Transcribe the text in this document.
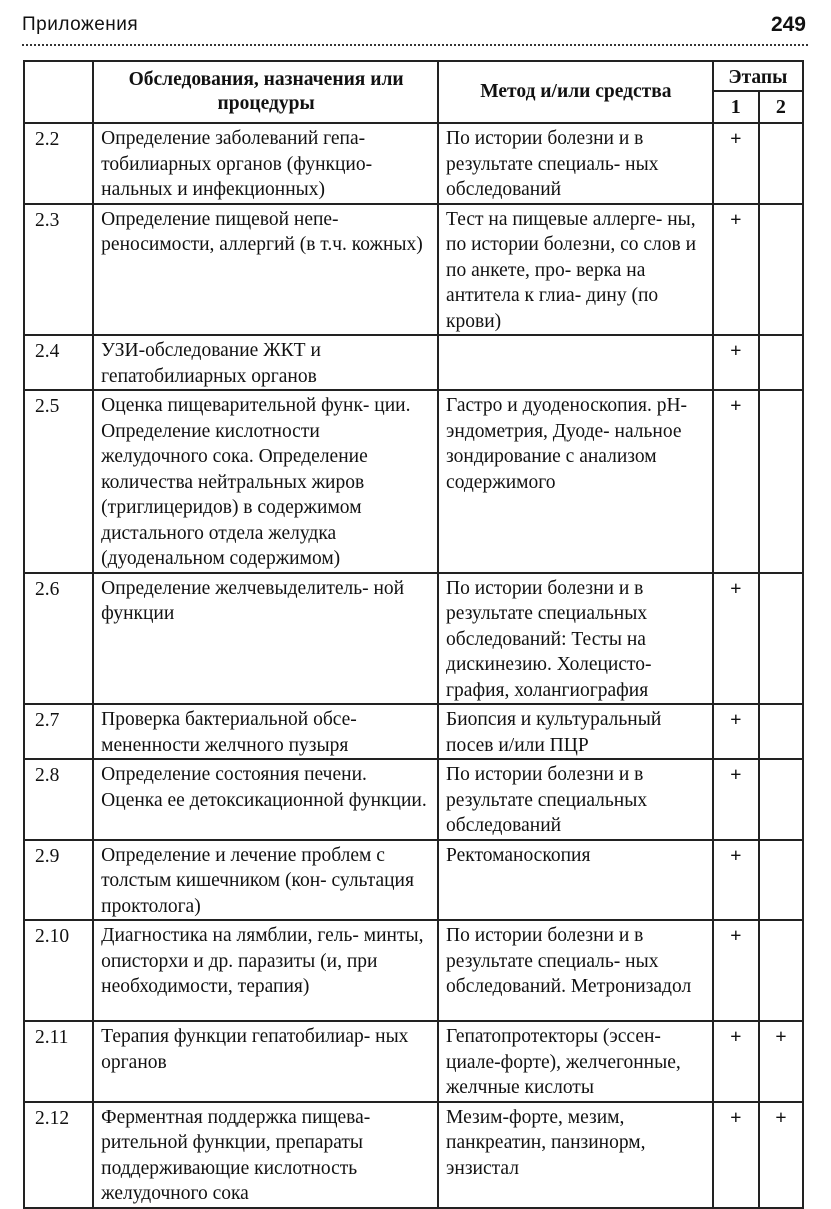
Приложения	249
	Обследования, назначения или процедуры	Метод и/или средства	Этапы	
			1	2
2.2	Определение заболеваний гепа- тобилиарных органов (функцио- нальных и инфекционных)	По истории болезни и в результате специаль- ных обследований	+	
2.3	Определение пищевой непе- реносимости, аллергий (в т.ч. кожных)	Тест на пищевые аллерге- ны, по истории болезни, со слов и по анкете, про- верка на антитела к глиа- дину (по крови)	+	
2.4	УЗИ-обследование ЖКТ и гепатобилиарных органов		+	
2.5	Оценка пищеварительной функ- ции. Определение кислотности желудочного сока. Определение количества нейтральных жиров (триглицеридов) в содержимом дистального отдела желудка (дуоденальном содержимом)	Гастро и дуоденоскопия. pH-эндометрия, Дуоде- нальное зондирование с анализом содержимого	+	
2.6	Определение желчевыделитель- ной функции	По истории болезни и в результате специальных обследований: Тесты на дискинезию. Холецисто- графия, холангиография	+	
2.7	Проверка бактериальной обсе- мененности желчного пузыря	Биопсия и культуральный посев и/или ПЦР	+	
2.8	Определение состояния печени. Оценка ее детоксикационной функции.	По истории болезни и в результате специальных обследований	+	
2.9	Определение и лечение проблем с толстым кишечником (кон- сультация проктолога)	Ректоманоскопия	+	
2.10	Диагностика на лямблии, гель- минты, описторхи и др. паразиты (и, при необходимости, терапия)	По истории болезни и в результате специаль- ных обследований. Метронизадол	+	
2.11	Терапия функции гепатобилиар- ных органов	Гепатопротекторы (эссен- циале-форте), желчегонные, желчные кислоты	+	+
2.12	Ферментная поддержка пищева- рительной функции, препараты поддерживающие кислотность желудочного сока	Мезим-форте, мезим, панкреатин, панзинорм, энзистал	+	+
